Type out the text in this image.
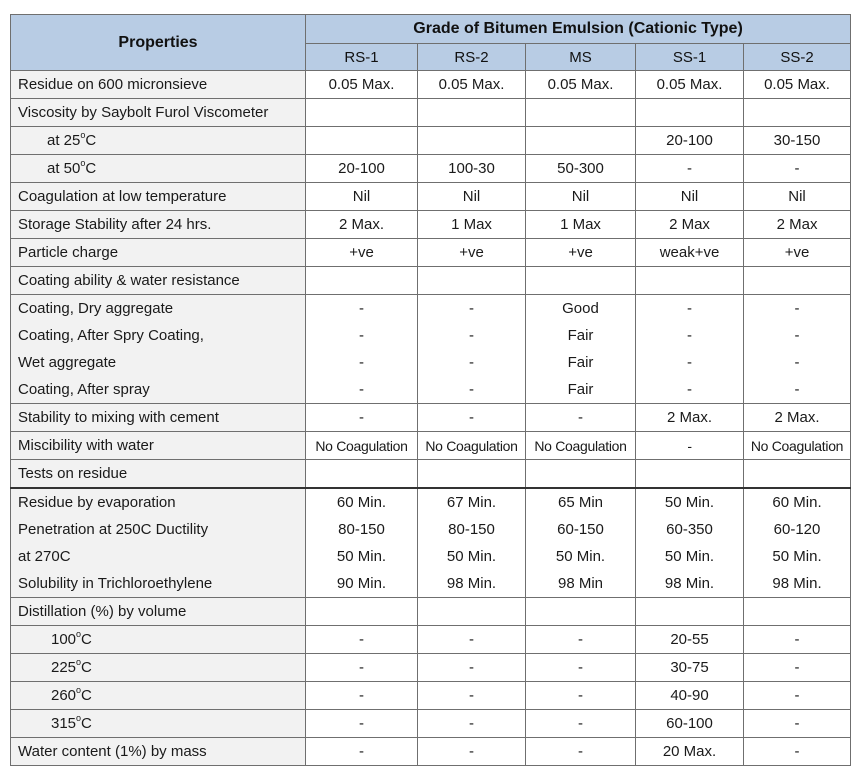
Properties	Grade of Bitumen Emulsion (Cationic Type)				
	RS-1	RS-2	MS	SS-1	SS-2
Residue on 600 micronsieve	0.05 Max.	0.05 Max.	0.05 Max.	0.05 Max.	0.05 Max.
Viscosity by Saybolt Furol Viscometer					
at 25$^o$C				20-100	30-150
at 50$^o$C	20-100	100-30	50-300	-	-
Coagulation at low temperature	Nil	Nil	Nil	Nil	Nil
Storage Stability after 24 hrs.	2 Max.	1 Max	1 Max	2 Max	2 Max
Particle charge	+ve	+ve	+ve	weak+ve	+ve
Coating ability & water resistance					
Coating, Dry aggregate	-	-	Good	-	-
Coating, After Spry Coating,	-	-	Fair	-	-
Wet aggregate	-	-	Fair	-	-
Coating, After spray	-	-	Fair	-	-
Stability to mixing with cement	-	-	-	2 Max.	2 Max.
Miscibility with water	No Coagulation	No Coagulation	No Coagulation	-	No Coagulation
Tests on residue					
Residue by evaporation	60 Min.	67 Min.	65 Min	50 Min.	60 Min.
Penetration at 250C Ductility	80-150	80-150	60-150	60-350	60-120
at 270C	50 Min.	50 Min.	50 Min.	50 Min.	50 Min.
Solubility in Trichloroethylene	90 Min.	98 Min.	98 Min	98 Min.	98 Min.
Distillation (%) by volume					
100$^o$C	-	-	-	20-55	-
225$^o$C	-	-	-	30-75	-
260$^o$C	-	-	-	40-90	-
315$^o$C	-	-	-	60-100	-
Water content (1%) by mass	-	-	-	20 Max.	-
